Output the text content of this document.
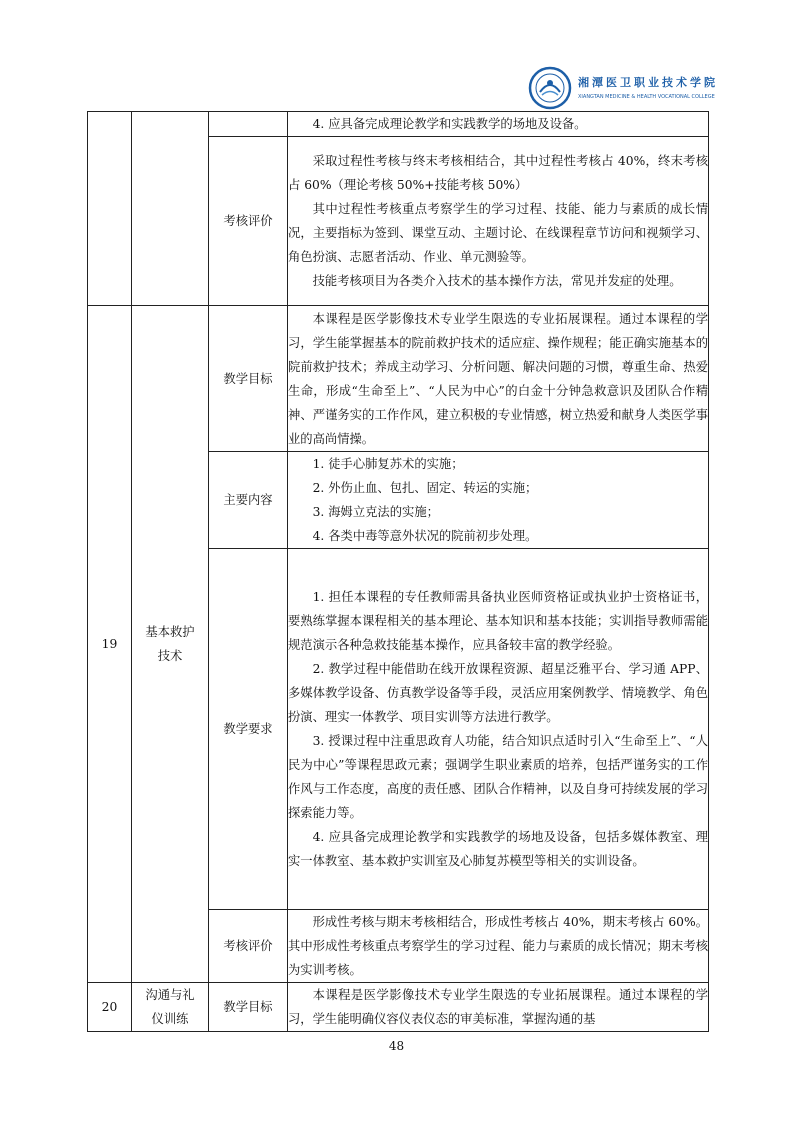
湘潭医卫职业技术学院
XIANGTAN MEDICINE & HEALTH VOCATIONAL COLLEGE

			4. 应具备完成理论教学和实践教学的场地及设备。

		考核评价	采取过程性考核与终末考核相结合，其中过程性考核占 40%，终末考核占 60%（理论考核 50%+技能考核 50%）

其中过程性考核重点考察学生的学习过程、技能、能力与素质的成长情况，主要指标为签到、课堂互动、主题讨论、在线课程章节访问和视频学习、角色扮演、志愿者活动、作业、单元测验等。

技能考核项目为各类介入技术的基本操作方法，常见并发症的处理。

19	基本救护技术	教学目标	本课程是医学影像技术专业学生限选的专业拓展课程。通过本课程的学习，学生能掌握基本的院前救护技术的适应症、操作规程；能正确实施基本的院前救护技术；养成主动学习、分析问题、解决问题的习惯，尊重生命、热爱生命，形成“生命至上”、“人民为中心”的白金十分钟急救意识及团队合作精神、严谨务实的工作作风，建立积极的专业情感，树立热爱和献身人类医学事业的高尚情操。

		主要内容	1. 徒手心肺复苏术的实施；

2. 外伤止血、包扎、固定、转运的实施；

3. 海姆立克法的实施；

4. 各类中毒等意外状况的院前初步处理。

		教学要求	1. 担任本课程的专任教师需具备执业医师资格证或执业护士资格证书，要熟练掌握本课程相关的基本理论、基本知识和基本技能；实训指导教师需能规范演示各种急救技能基本操作，应具备较丰富的教学经验。

2. 教学过程中能借助在线开放课程资源、超星泛雅平台、学习通 APP、多媒体教学设备、仿真教学设备等手段，灵活应用案例教学、情境教学、角色扮演、理实一体教学、项目实训等方法进行教学。

3. 授课过程中注重思政育人功能，结合知识点适时引入“生命至上”、“人民为中心”等课程思政元素；强调学生职业素质的培养，包括严谨务实的工作作风与工作态度，高度的责任感、团队合作精神，以及自身可持续发展的学习探索能力等。

4. 应具备完成理论教学和实践教学的场地及设备，包括多媒体教室、理实一体教室、基本救护实训室及心肺复苏模型等相关的实训设备。

		考核评价	形成性考核与期末考核相结合，形成性考核占 40%，期末考核占 60%。其中形成性考核重点考察学生的学习过程、能力与素质的成长情况；期末考核为实训考核。

20	沟通与礼仪训练	教学目标	本课程是医学影像技术专业学生限选的专业拓展课程。通过本课程的学习，学生能明确仪容仪表仪态的审美标准，掌握沟通的基

48
